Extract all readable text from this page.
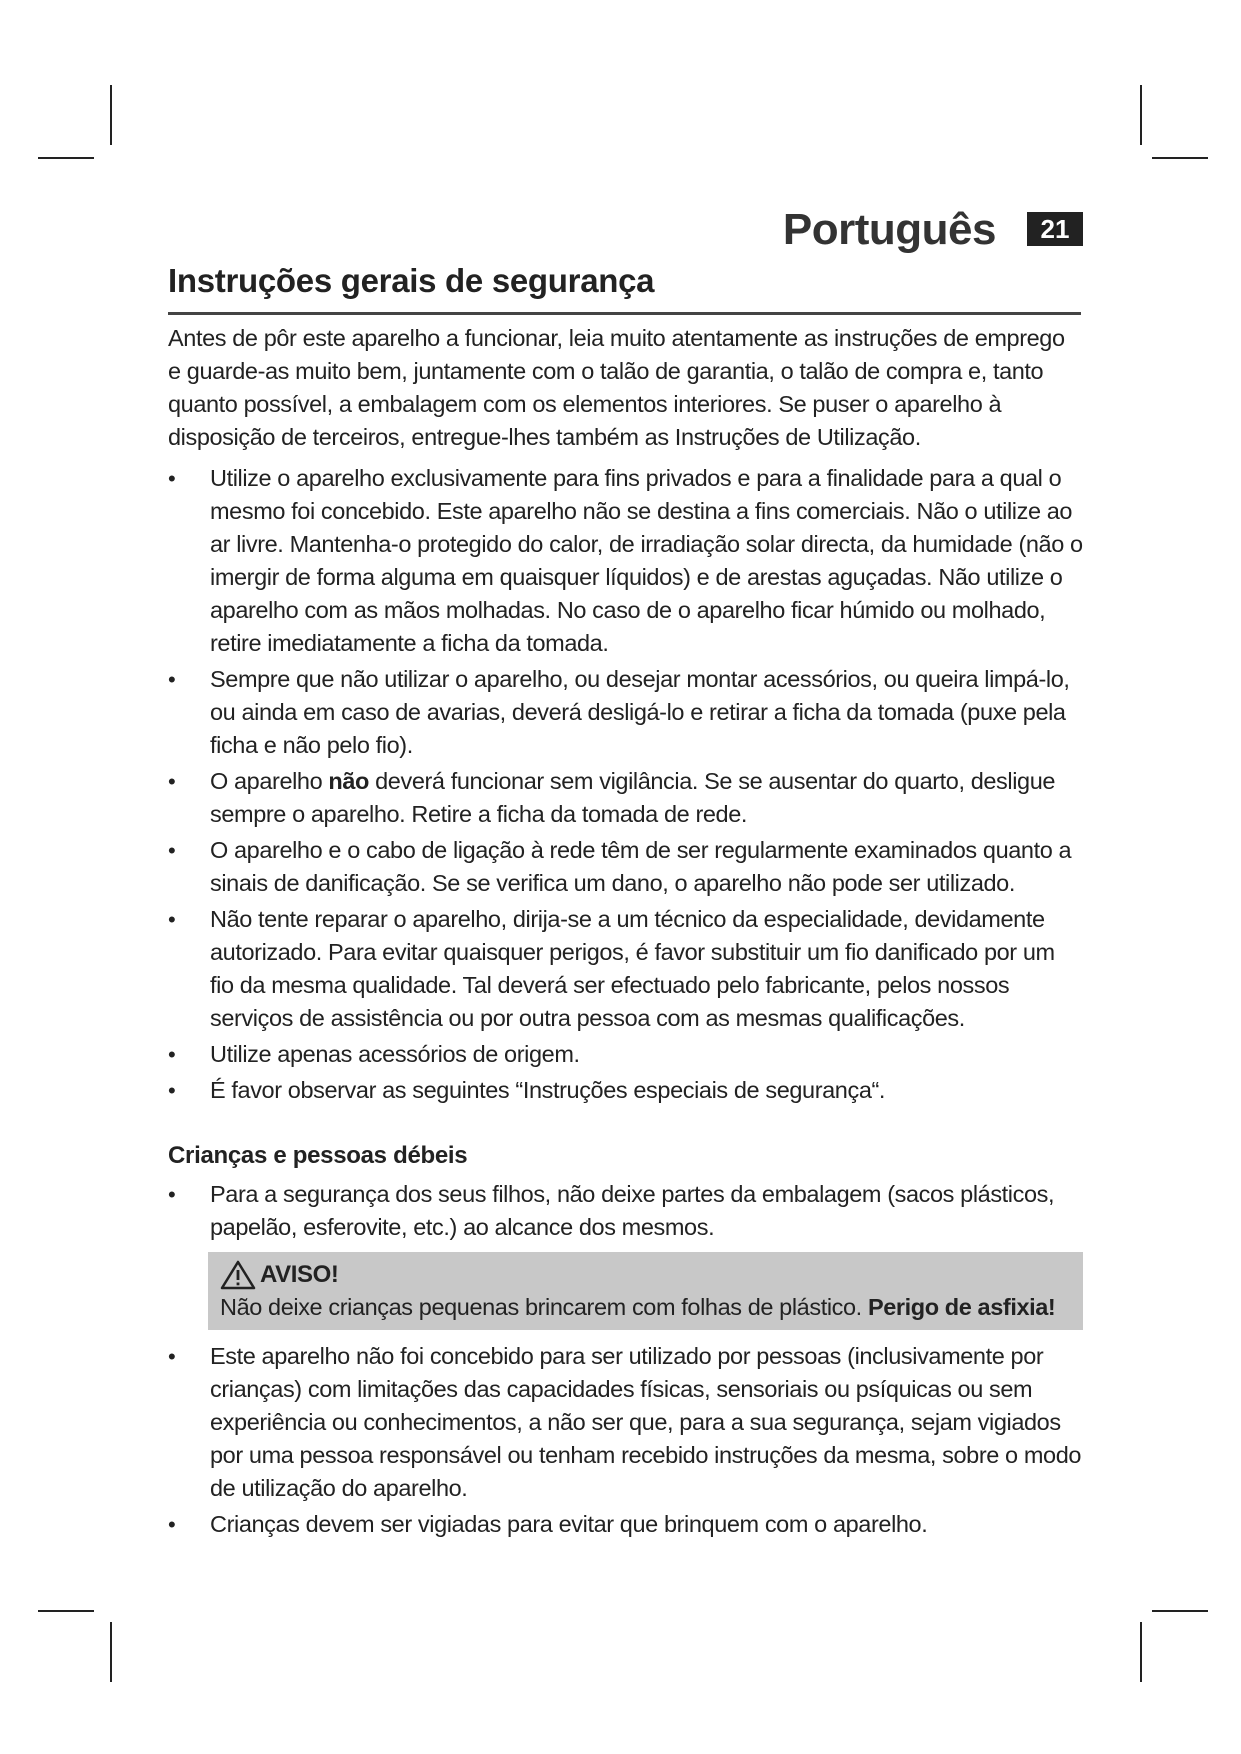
Português	21
Instruções gerais de segurança

Antes de pôr este aparelho a funcionar, leia muito atentamente as instruções de emprego e guarde-as muito bem, juntamente com o talão de garantia, o talão de compra e, tanto quanto possível, a embalagem com os elementos interiores. Se puser o aparelho à disposição de terceiros, entregue-lhes também as Instruções de Utilização.

• Utilize o aparelho exclusivamente para fins privados e para a finalidade para a qual o mesmo foi concebido. Este aparelho não se destina a fins comerciais. Não o utilize ao ar livre. Mantenha-o protegido do calor, de irradiação solar directa, da humidade (não o imergir de forma alguma em quaisquer líquidos) e de arestas aguçadas. Não utilize o aparelho com as mãos molhadas. No caso de o aparelho ficar húmido ou molhado, retire imediatamente a ficha da tomada.
• Sempre que não utilizar o aparelho, ou desejar montar acessórios, ou queira limpá-lo, ou ainda em caso de avarias, deverá desligá-lo e retirar a ficha da tomada (puxe pela ficha e não pelo fio).
• O aparelho não deverá funcionar sem vigilância. Se se ausentar do quarto, desligue sempre o aparelho. Retire a ficha da tomada de rede.
• O aparelho e o cabo de ligação à rede têm de ser regularmente examinados quanto a sinais de danificação. Se se verifica um dano, o aparelho não pode ser utilizado.
• Não tente reparar o aparelho, dirija-se a um técnico da especialidade, devidamente autorizado. Para evitar quaisquer perigos, é favor substituir um fio danificado por um fio da mesma qualidade. Tal deverá ser efectuado pelo fabricante, pelos nossos serviços de assistência ou por outra pessoa com as mesmas qualificações.
• Utilize apenas acessórios de origem.
• É favor observar as seguintes “Instruções especiais de segurança“.
Crianças e pessoas débeis
• Para a segurança dos seus filhos, não deixe partes da embalagem (sacos plásticos, papelão, esferovite, etc.) ao alcance dos mesmos.
AVISO!
Não deixe crianças pequenas brincarem com folhas de plástico. Perigo de asfixia!
• Este aparelho não foi concebido para ser utilizado por pessoas (inclusivamente por crianças) com limitações das capacidades físicas, sensoriais ou psíquicas ou sem experiência ou conhecimentos, a não ser que, para a sua segurança, sejam vigiados por uma pessoa responsável ou tenham recebido instruções da mesma, sobre o modo de utilização do aparelho.
• Crianças devem ser vigiadas para evitar que brinquem com o aparelho.
